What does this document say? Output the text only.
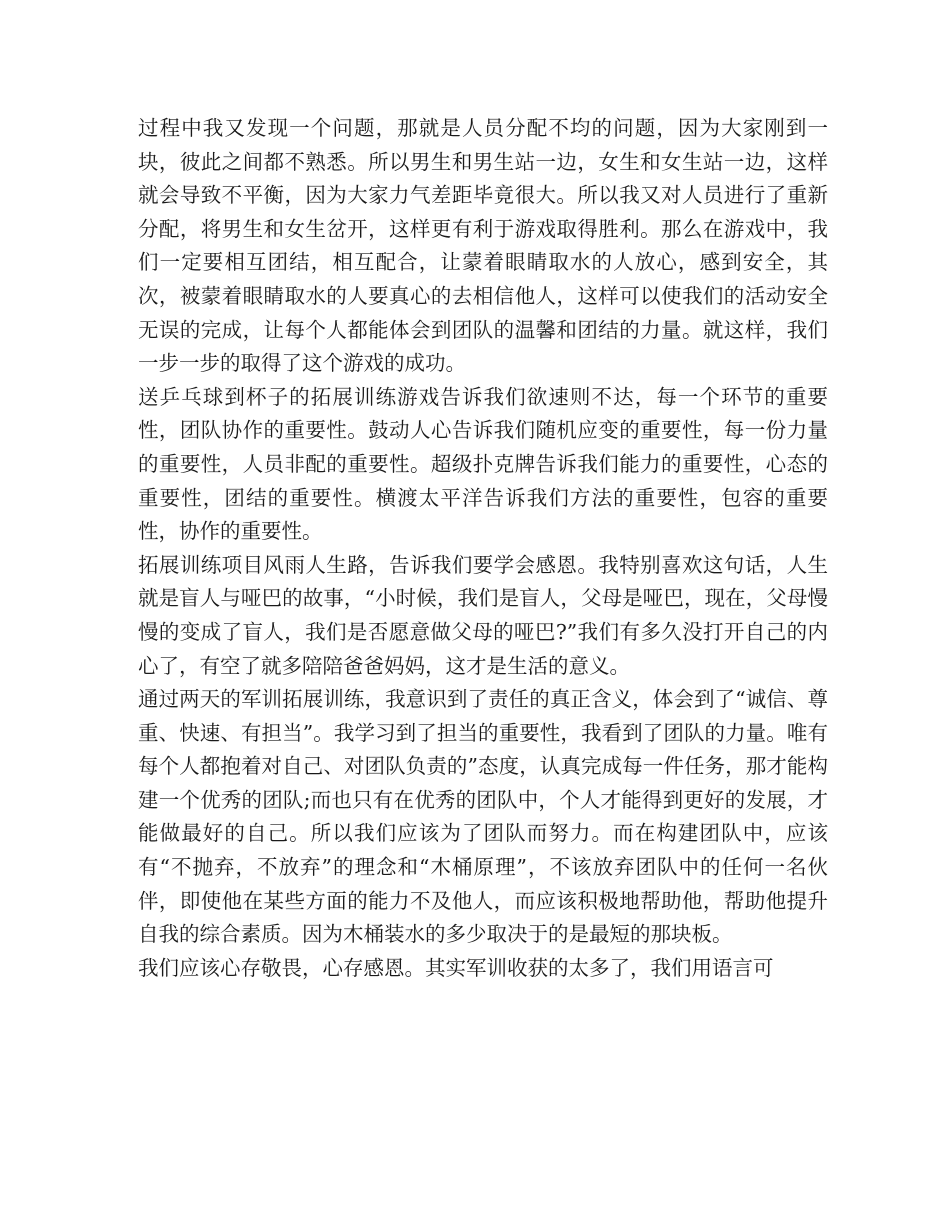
过程中我又发现一个问题，那就是人员分配不均的问题，因为大家刚到一块，彼此之间都不熟悉。所以男生和男生站一边，女生和女生站一边，这样就会导致不平衡，因为大家力气差距毕竟很大。所以我又对人员进行了重新分配，将男生和女生岔开，这样更有利于游戏取得胜利。那么在游戏中，我们一定要相互团结，相互配合，让蒙着眼睛取水的人放心，感到安全，其次，被蒙着眼睛取水的人要真心的去相信他人，这样可以使我们的活动安全无误的完成，让每个人都能体会到团队的温馨和团结的力量。就这样，我们一步一步的取得了这个游戏的成功。

送乒乓球到杯子的拓展训练游戏告诉我们欲速则不达，每一个环节的重要性，团队协作的重要性。鼓动人心告诉我们随机应变的重要性，每一份力量的重要性，人员非配的重要性。超级扑克牌告诉我们能力的重要性，心态的重要性，团结的重要性。横渡太平洋告诉我们方法的重要性，包容的重要性，协作的重要性。

拓展训练项目风雨人生路，告诉我们要学会感恩。我特别喜欢这句话，人生就是盲人与哑巴的故事，“小时候，我们是盲人，父母是哑巴，现在，父母慢慢的变成了盲人，我们是否愿意做父母的哑巴?”我们有多久没打开自己的内心了，有空了就多陪陪爸爸妈妈，这才是生活的意义。

通过两天的军训拓展训练，我意识到了责任的真正含义，体会到了“诚信、尊重、快速、有担当”。我学习到了担当的重要性，我看到了团队的力量。唯有每个人都抱着对自己、对团队负责的”态度，认真完成每一件任务，那才能构建一个优秀的团队;而也只有在优秀的团队中，个人才能得到更好的发展，才能做最好的自己。所以我们应该为了团队而努力。而在构建团队中，应该有“不抛弃，不放弃”的理念和“木桶原理”，不该放弃团队中的任何一名伙伴，即使他在某些方面的能力不及他人，而应该积极地帮助他，帮助他提升自我的综合素质。因为木桶装水的多少取决于的是最短的那块板。

我们应该心存敬畏，心存感恩。其实军训收获的太多了，我们用语言可
